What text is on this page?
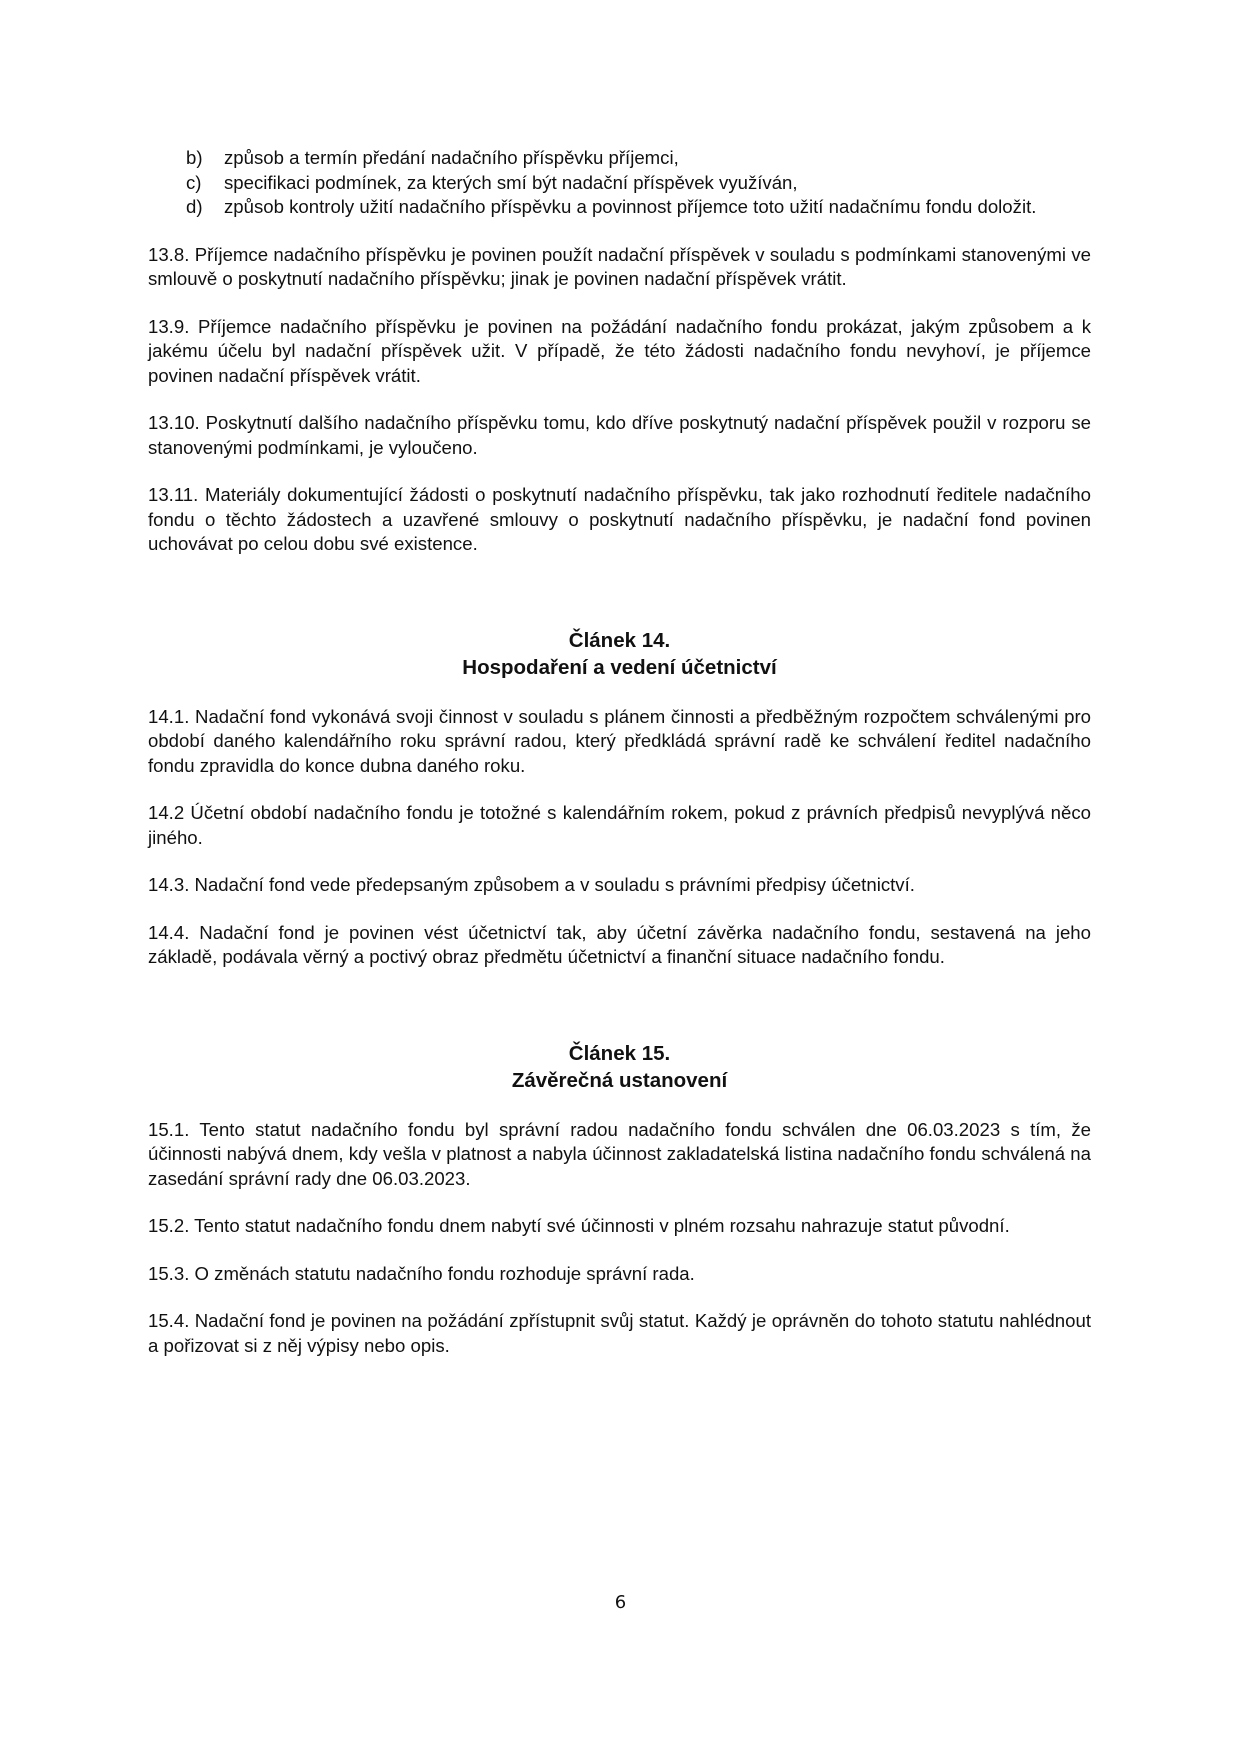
b)	způsob a termín předání nadačního příspěvku příjemci,
c)	specifikaci podmínek, za kterých smí být nadační příspěvek využíván,
d)	způsob kontroly užití nadačního příspěvku a povinnost příjemce toto užití nadačnímu fondu doložit.

13.8. Příjemce nadačního příspěvku je povinen použít nadační příspěvek v souladu s podmínkami stanovenými ve smlouvě o poskytnutí nadačního příspěvku; jinak je povinen nadační příspěvek vrátit.

13.9. Příjemce nadačního příspěvku je povinen na požádání nadačního fondu prokázat, jakým způsobem a k jakému účelu byl nadační příspěvek užit. V případě, že této žádosti nadačního fondu nevyhoví, je příjemce povinen nadační příspěvek vrátit.

13.10. Poskytnutí dalšího nadačního příspěvku tomu, kdo dříve poskytnutý nadační příspěvek použil v rozporu se stanovenými podmínkami, je vyloučeno.

13.11. Materiály dokumentující žádosti o poskytnutí nadačního příspěvku, tak jako rozhodnutí ředitele nadačního fondu o těchto žádostech a uzavřené smlouvy o poskytnutí nadačního příspěvku, je nadační fond povinen uchovávat po celou dobu své existence.

Článek 14.

Hospodaření a vedení účetnictví

14.1. Nadační fond vykonává svoji činnost v souladu s plánem činnosti a předběžným rozpočtem schválenými pro období daného kalendářního roku správní radou, který předkládá správní radě ke schválení ředitel nadačního fondu zpravidla do konce dubna daného roku.

14.2 Účetní období nadačního fondu je totožné s kalendářním rokem, pokud z právních předpisů nevyplývá něco jiného.

14.3. Nadační fond vede předepsaným způsobem a v souladu s právními předpisy účetnictví.

14.4. Nadační fond je povinen vést účetnictví tak, aby účetní závěrka nadačního fondu, sestavená na jeho základě, podávala věrný a poctivý obraz předmětu účetnictví a finanční situace nadačního fondu.

Článek 15.

Závěrečná ustanovení

15.1. Tento statut nadačního fondu byl správní radou nadačního fondu schválen dne 06.03.2023 s tím, že účinnosti nabývá dnem, kdy vešla v platnost a nabyla účinnost zakladatelská listina nadačního fondu schválená na zasedání správní rady dne 06.03.2023.

15.2. Tento statut nadačního fondu dnem nabytí své účinnosti v plném rozsahu nahrazuje statut původní.

15.3. O změnách statutu nadačního fondu rozhoduje správní rada.

15.4. Nadační fond je povinen na požádání zpřístupnit svůj statut. Každý je oprávněn do tohoto statutu nahlédnout a pořizovat si z něj výpisy nebo opis.

6
